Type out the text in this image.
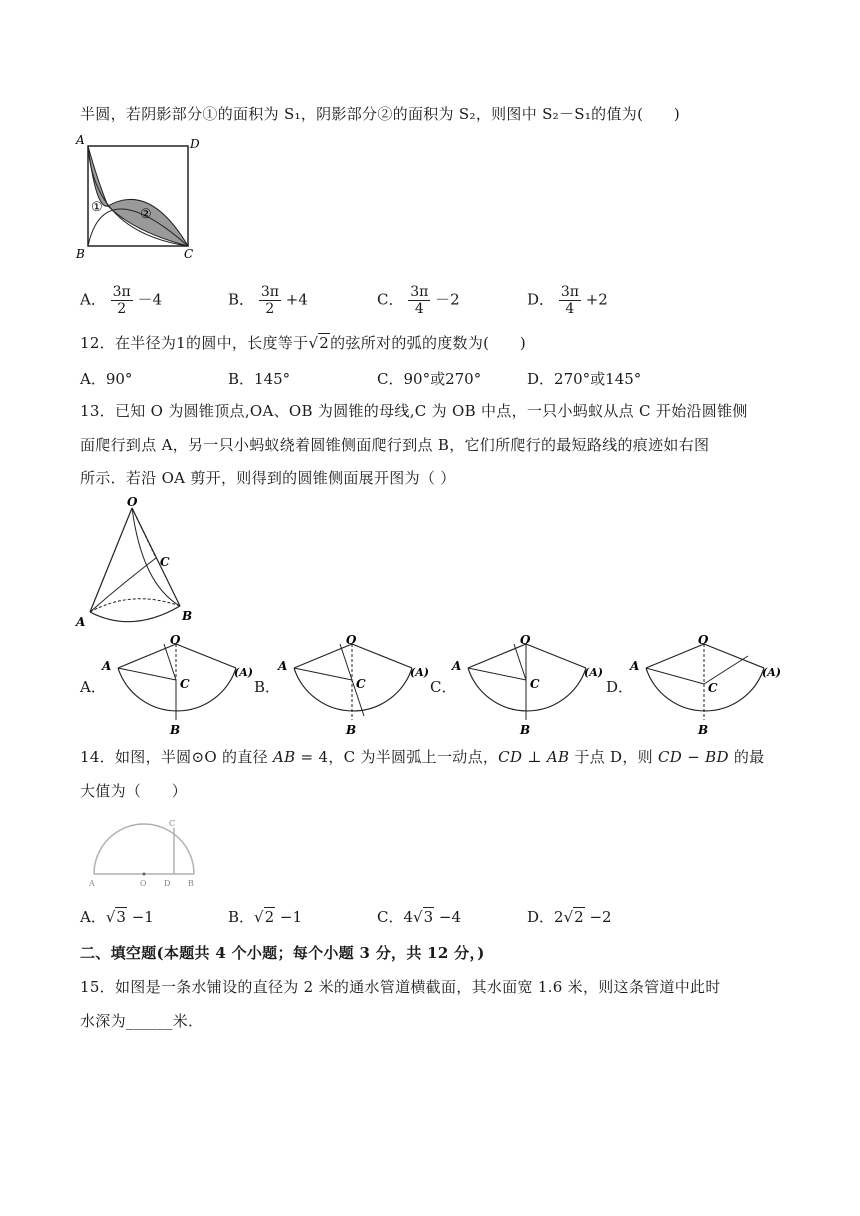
半圆，若阴影部分①的面积为 S₁，阴影部分②的面积为 S₂，则图中 S₂－S₁的值为(　　)
A	D
B	C
①	②
A． $\frac{3\pi}{2} -4$	B． $\frac{3\pi}{2} +4$	C． $\frac{3\pi}{4} -2$	D． $\frac{3\pi}{4} +2$
12．在半径为1的圆中，长度等于√2的弦所对的弧的度数为(　　)
A．90°	B．145°	C．90°或270°	D．270°或145°
13．已知 O 为圆锥顶点,OA、OB 为圆锥的母线,C 为 OB 中点，一只小蚂蚁从点 C 开始沿圆锥侧
面爬行到点 A，另一只小蚂蚁绕着圆锥侧面爬行到点 B，它们所爬行的最短路线的痕迹如右图
所示．若沿 OA 剪开，则得到的圆锥侧面展开图为（ ）
O
A	B
C
A．
O
A	(A)
C
B
B．
O
A	(A)
C
B
C．
O
A	(A)
C
B
D．
O
A	(A)
C
B
14．如图，半圆⊙O 的直径 AB = 4，C 为半圆弧上一动点，CD ⊥ AB 于点 D，则 CD − BD 的最
大值为（　　）
A	O D B
C
A．√3 −1	B．√2 −1	C．4√3 −4	D．2√2 −2
二、填空题(本题共 4 个小题；每个小题 3 分，共 12 分，)
15．如图是一条水铺设的直径为 2 米的通水管道横截面，其水面宽 1.6 米，则这条管道中此时
水深为______米．
